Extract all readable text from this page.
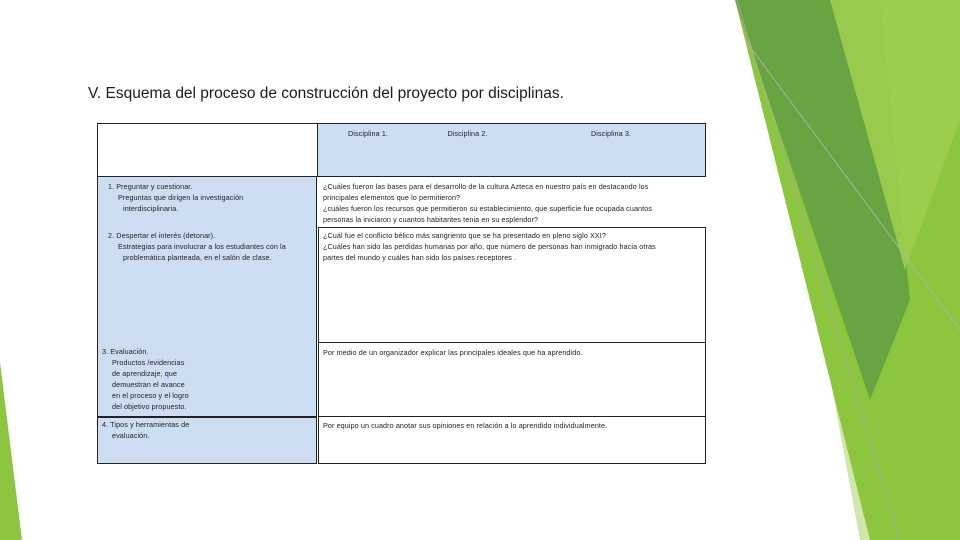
V. Esquema del proceso de construcción del proyecto por disciplinas.
Disciplina 1.	Disciplina 2.	Disciplina 3.
1. Preguntar y cuestionar.
Preguntas que dirigen la investigación
interdisciplinaria.
¿Cuáles fueron las bases para el desarrollo de la cultura Azteca en nuestro país en destacando los
principales elementos que lo permitieron?
¿cuáles fueron los recursos que permitieron su establecimiento, que superficie fue ocupada cuantos
personas la iniciaron y cuantos habitantes tenia en su esplendor?
2. Despertar el interés (detonar).
Estrategias para involucrar a los estudiantes con la
problemática planteada, en el salón de clase.
¿Cuál fue el conflicto bélico más sangriento que se ha presentado en pleno siglo XXI?
¿Cuáles han sido las perdidas humanas por año, que número de personas han inmigrado hacia otras
partes del mundo y cuáles han sido los países receptores .
3. Evaluación.
Productos /evidencias
de aprendizaje, que
demuestran el avance
en el proceso y el logro
del objetivo propuesto.
Por medio de un organizador explicar las principales ideales que ha aprendido.
4. Tipos y herramientas de
evaluación.
Por equipo un cuadro anotar sus opiniones en relación a lo aprendido individualmente.
